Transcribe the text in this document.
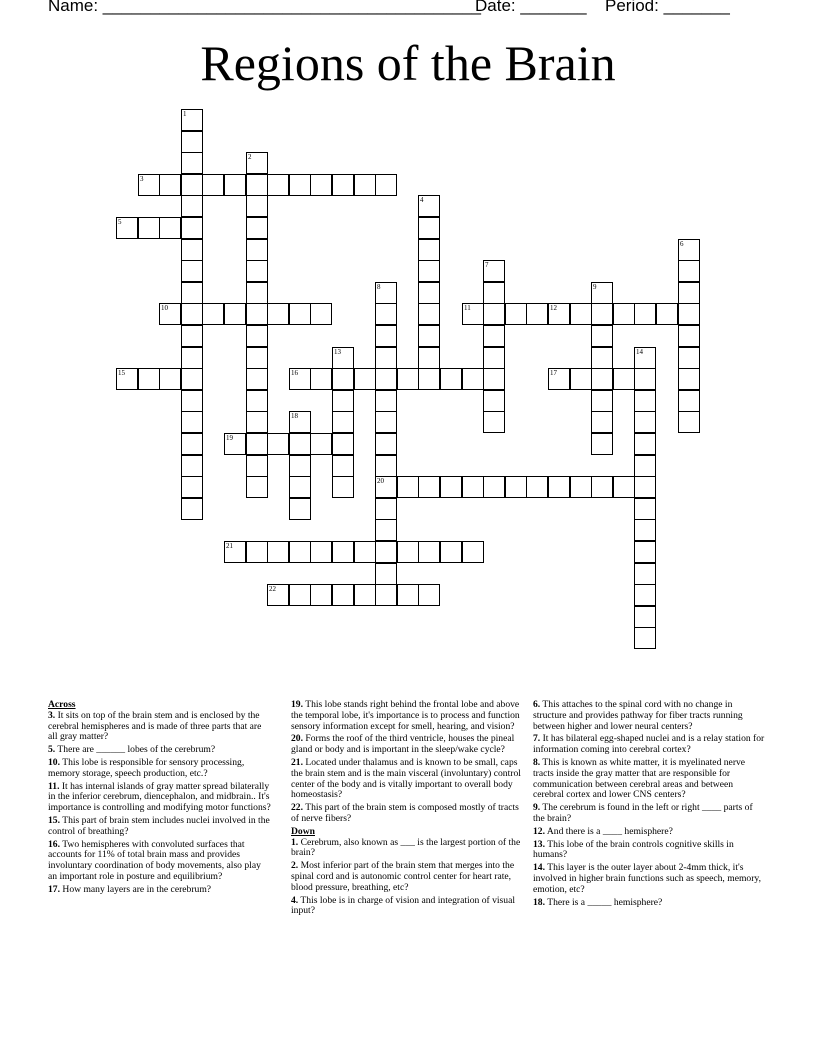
Name: ________________________________________
Date: _______ Period: _______
Regions of the Brain
1
2
3
4
5
6
7
8
20
9
10	11	12
13	14
15	16	17
18
19
21
22
Across
3. It sits on top of the brain stem and is enclosed by the cerebral hemispheres and is made of three parts that are all gray matter?
5. There are ______ lobes of the cerebrum?
10. This lobe is responsible for sensory processing, memory storage, speech production, etc.?
11. It has internal islands of gray matter spread bilaterally in the inferior cerebrum, diencephalon, and midbrain.. It's importance is controlling and modifying motor functions?
15. This part of brain stem includes nuclei involved in the control of breathing?
16. Two hemispheres with convoluted surfaces that accounts for 11% of total brain mass and provides involuntary coordination of body movements, also play an important role in posture and equilibrium?
17. How many layers are in the cerebrum?
19. This lobe stands right behind the frontal lobe and above the temporal lobe, it's importance is to process and function sensory information except for smell, hearing, and vision?
20. Forms the roof of the third ventricle, houses the pineal gland or body and is important in the sleep/wake cycle?
21. Located under thalamus and is known to be small, caps the brain stem and is the main visceral (involuntary) control center of the body and is vitally important to overall body homeostasis?
22. This part of the brain stem is composed mostly of tracts of nerve fibers?
Down
1. Cerebrum, also known as ___ is the largest portion of the brain?
2. Most inferior part of the brain stem that merges into the spinal cord and is autonomic control center for heart rate, blood pressure, breathing, etc?
4. This lobe is in charge of vision and integration of visual input?
6. This attaches to the spinal cord with no change in structure and provides pathway for fiber tracts running between higher and lower neural centers?
7. It has bilateral egg-shaped nuclei and is a relay station for information coming into cerebral cortex?
8. This is known as white matter, it is myelinated nerve tracts inside the gray matter that are responsible for communication between cerebral areas and between cerebral cortex and lower CNS centers?
9. The cerebrum is found in the left or right ____ parts of the brain?
12. And there is a ____ hemisphere?
13. This lobe of the brain controls cognitive skills in humans?
14. This layer is the outer layer about 2-4mm thick, it's involved in higher brain functions such as speech, memory, emotion, etc?
18. There is a _____ hemisphere?
